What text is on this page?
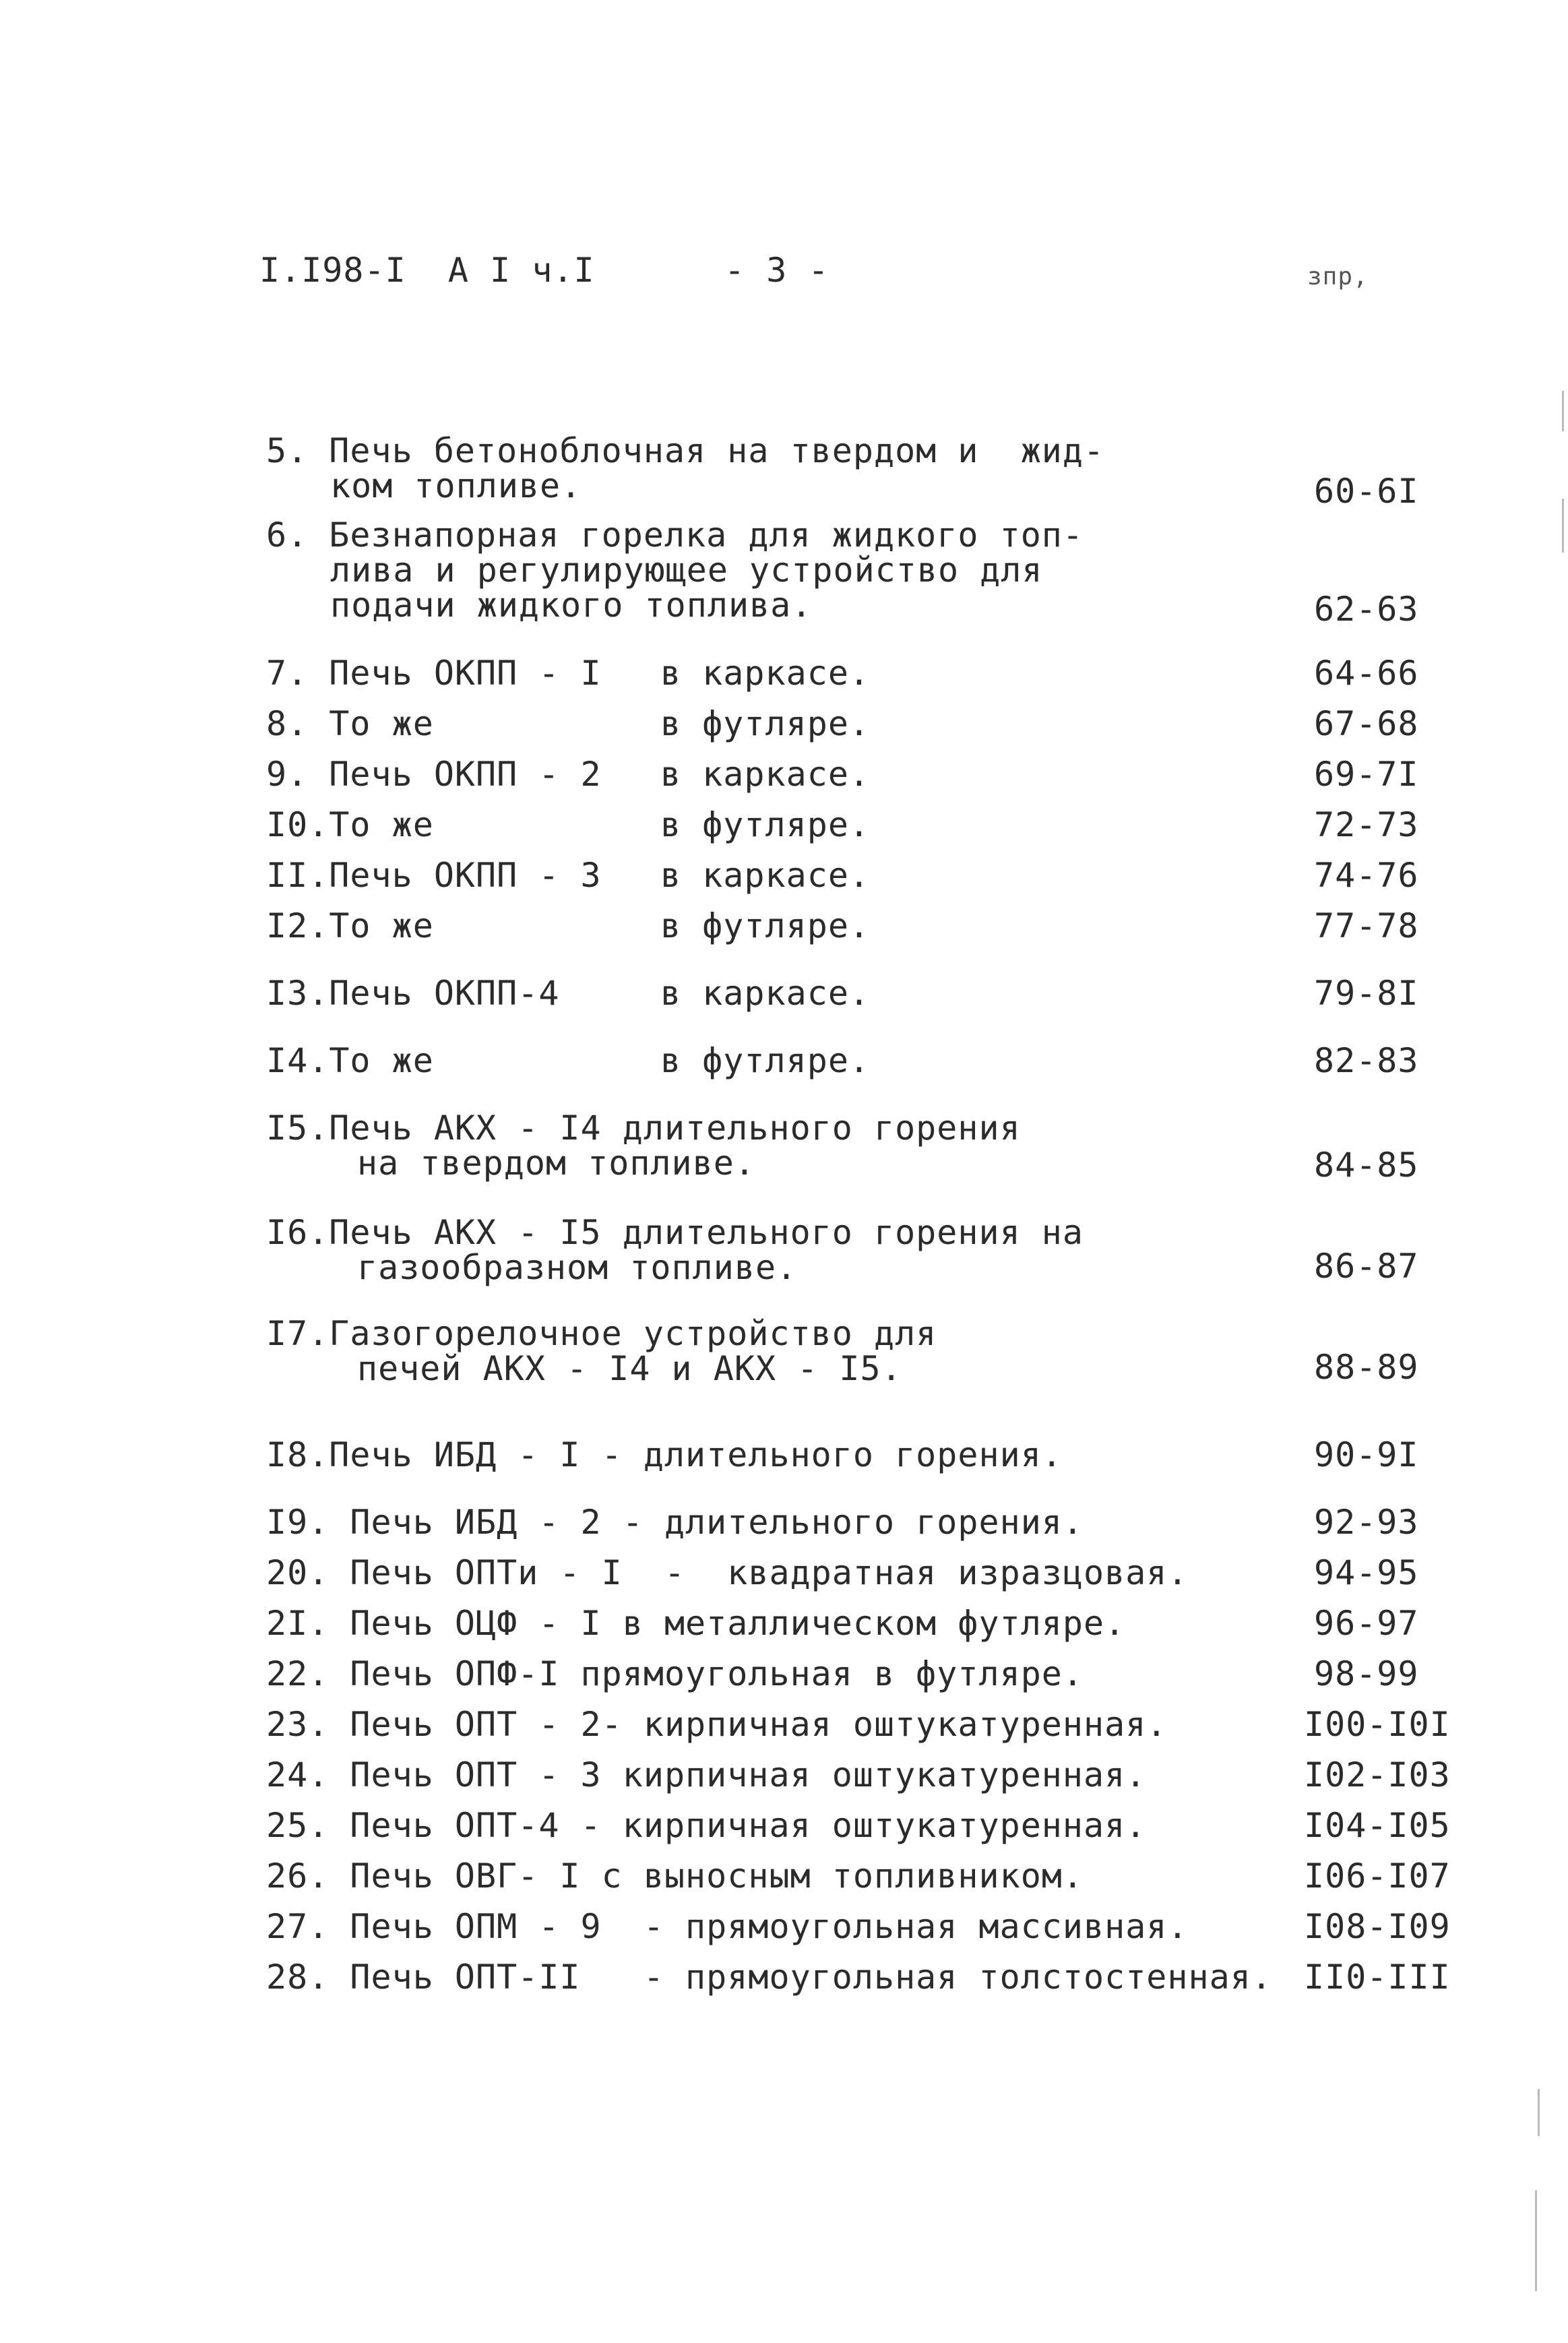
I.I98-I  А I ч.I

	- 3 -

	зпр,

5. Печь бетоноблочная на твердом и  жид-
ком топливе.	60-6I
6. Безнапорная горелка для жидкого топ-
лива и регулирующее устройство для
подачи жидкого топлива.	62-63
7. Печь ОКПП - I в каркасе.	64-66
8. То же	в футляре.	67-68
9. Печь ОКПП - 2 в каркасе.	69-7I
I0.То же	в футляре.	72-73
II.Печь ОКПП - 3 в каркасе.	74-76
I2.То же	в футляре.	77-78
I3.Печь ОКПП-4	в каркасе.	79-8I
I4.То же	в футляре.	82-83
I5.Печь АКХ - I4 длительного горения
на твердом топливе.	84-85
I6.Печь АКХ - I5 длительного горения на
газообразном топливе.	86-87
I7.Газогорелочное устройство для
печей АКХ - I4 и АКХ - I5.	88-89
I8.Печь ИБД - I - длительного горения.	90-9I
I9. Печь ИБД - 2 - длительного горения.	92-93
20. Печь ОПТи - I  -  квадратная изразцовая.	94-95
2I. Печь ОЦФ - I в металлическом футляре.	96-97
22. Печь ОПФ-I прямоугольная в футляре.	98-99
23. Печь ОПТ - 2- кирпичная оштукатуренная.	I00-I0I
24. Печь ОПТ - 3 кирпичная оштукатуренная.	I02-I03
25. Печь ОПТ-4 - кирпичная оштукатуренная.	I04-I05
26. Печь ОВГ- I с выносным топливником.	I06-I07
27. Печь ОПМ - 9  - прямоугольная массивная.	I08-I09
28. Печь ОПТ-II   - прямоугольная толстостенная. II0-III
